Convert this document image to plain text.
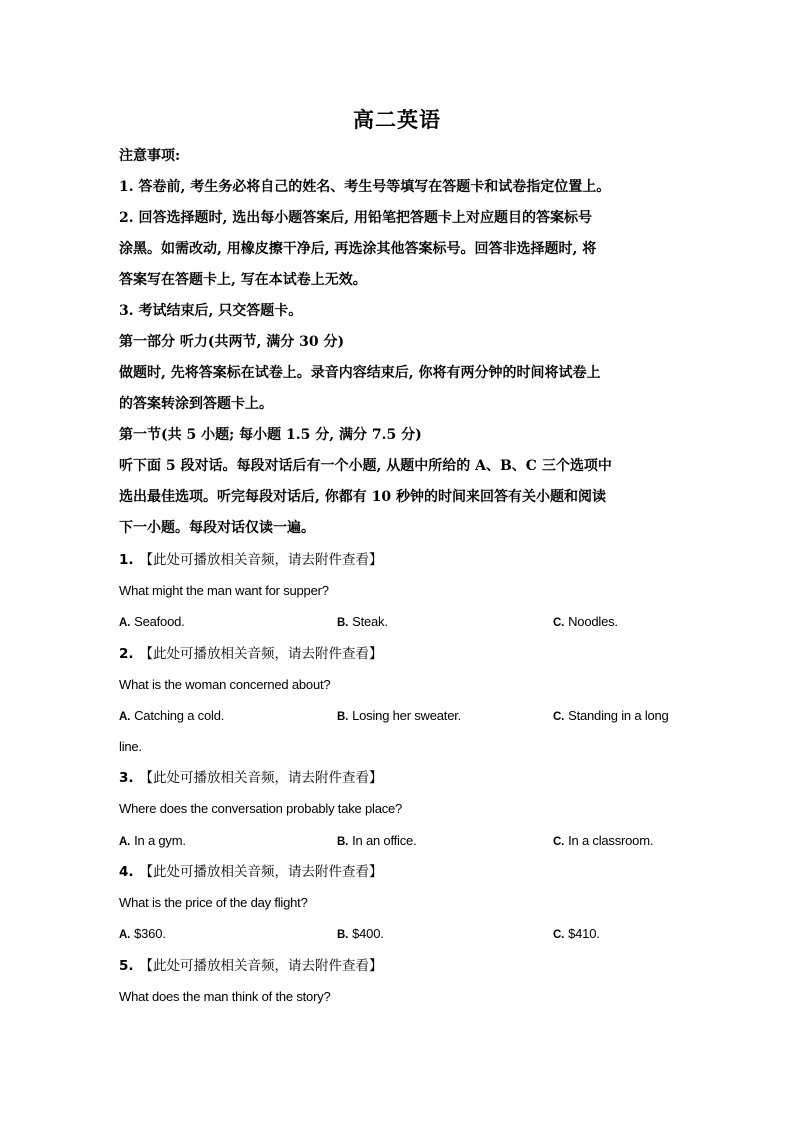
高二英语
注意事项:
1. 答卷前, 考生务必将自己的姓名、考生号等填写在答题卡和试卷指定位置上。
2. 回答选择题时, 选出每小题答案后, 用铅笔把答题卡上对应题目的答案标号
涂黑。如需改动, 用橡皮擦干净后, 再选涂其他答案标号。回答非选择题时, 将
答案写在答题卡上, 写在本试卷上无效。
3. 考试结束后, 只交答题卡。
第一部分 听力(共两节, 满分 30 分)
做题时, 先将答案标在试卷上。录音内容结束后, 你将有两分钟的时间将试卷上
的答案转涂到答题卡上。
第一节(共 5 小题; 每小题 1.5 分, 满分 7.5 分)
听下面 5 段对话。每段对话后有一个小题, 从题中所给的 A、B、C 三个选项中
选出最佳选项。听完每段对话后, 你都有 10 秒钟的时间来回答有关小题和阅读
下一小题。每段对话仅读一遍。
1. 【此处可播放相关音频，请去附件查看】
What might the man want for supper?
A. Seafood.	B. Steak.	C. Noodles.
2. 【此处可播放相关音频，请去附件查看】
What is the woman concerned about?
A. Catching a cold.	B. Losing her sweater.	C. Standing in a long
line.
3. 【此处可播放相关音频，请去附件查看】
Where does the conversation probably take place?
A. In a gym.	B. In an office.	C. In a classroom.
4. 【此处可播放相关音频，请去附件查看】
What is the price of the day flight?
A. $360.	B. $400.	C. $410.
5. 【此处可播放相关音频，请去附件查看】
What does the man think of the story?
